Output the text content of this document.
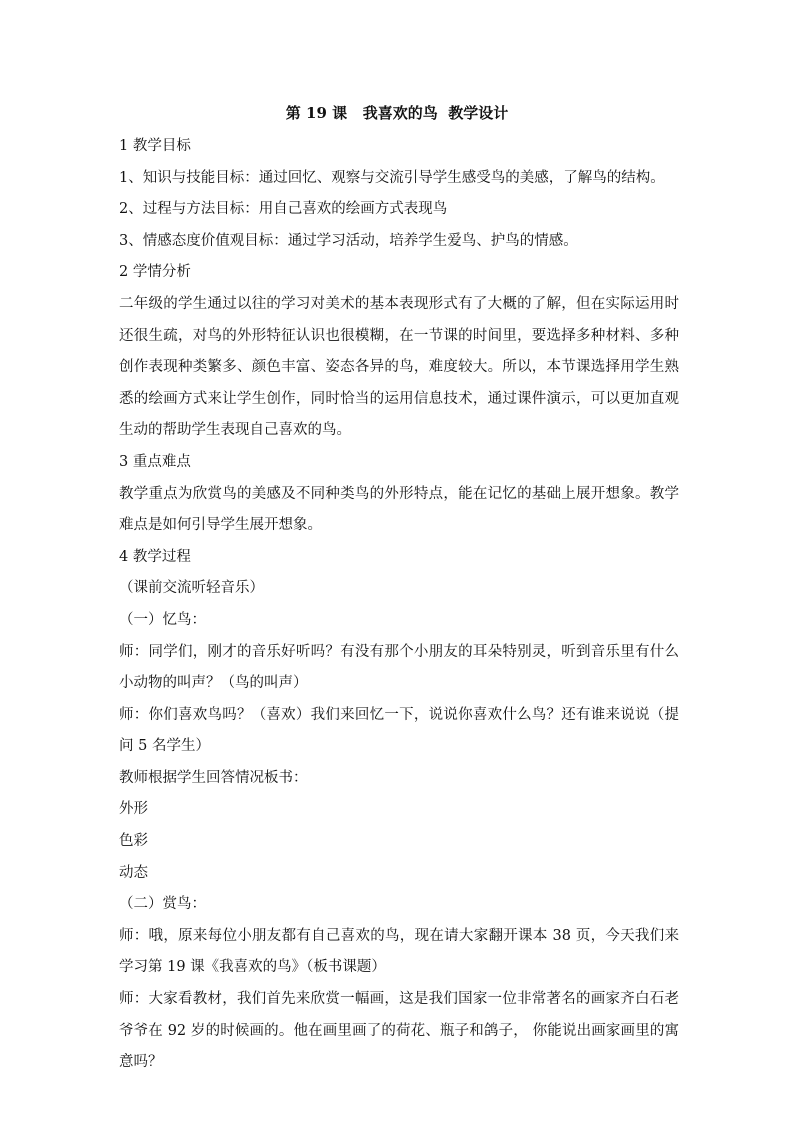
第 19 课   我喜欢的鸟  教学设计
1 教学目标
1、知识与技能目标：通过回忆、观察与交流引导学生感受鸟的美感，了解鸟的结构。
2、过程与方法目标：用自己喜欢的绘画方式表现鸟
3、情感态度价值观目标：通过学习活动，培养学生爱鸟、护鸟的情感。
2 学情分析
二年级的学生通过以往的学习对美术的基本表现形式有了大概的了解，但在实际运用时还很生疏，对鸟的外形特征认识也很模糊，在一节课的时间里，要选择多种材料、多种创作表现种类繁多、颜色丰富、姿态各异的鸟，难度较大。所以，本节课选择用学生熟悉的绘画方式来让学生创作，同时恰当的运用信息技术，通过课件演示，可以更加直观生动的帮助学生表现自己喜欢的鸟。
3 重点难点
教学重点为欣赏鸟的美感及不同种类鸟的外形特点，能在记忆的基础上展开想象。教学难点是如何引导学生展开想象。
4 教学过程
（课前交流听轻音乐）
（一）忆鸟：
师：同学们，刚才的音乐好听吗？有没有那个小朋友的耳朵特别灵，听到音乐里有什么小动物的叫声？（鸟的叫声）
师：你们喜欢鸟吗？（喜欢）我们来回忆一下，说说你喜欢什么鸟？还有谁来说说（提问 5 名学生）
教师根据学生回答情况板书：
外形
色彩
动态
（二）赏鸟：
师：哦，原来每位小朋友都有自己喜欢的鸟，现在请大家翻开课本 38 页，今天我们来学习第 19 课《我喜欢的鸟》（板书课题）
师：大家看教材，我们首先来欣赏一幅画，这是我们国家一位非常著名的画家齐白石老爷爷在 92 岁的时候画的。他在画里画了的荷花、瓶子和鸽子， 你能说出画家画里的寓意吗？
